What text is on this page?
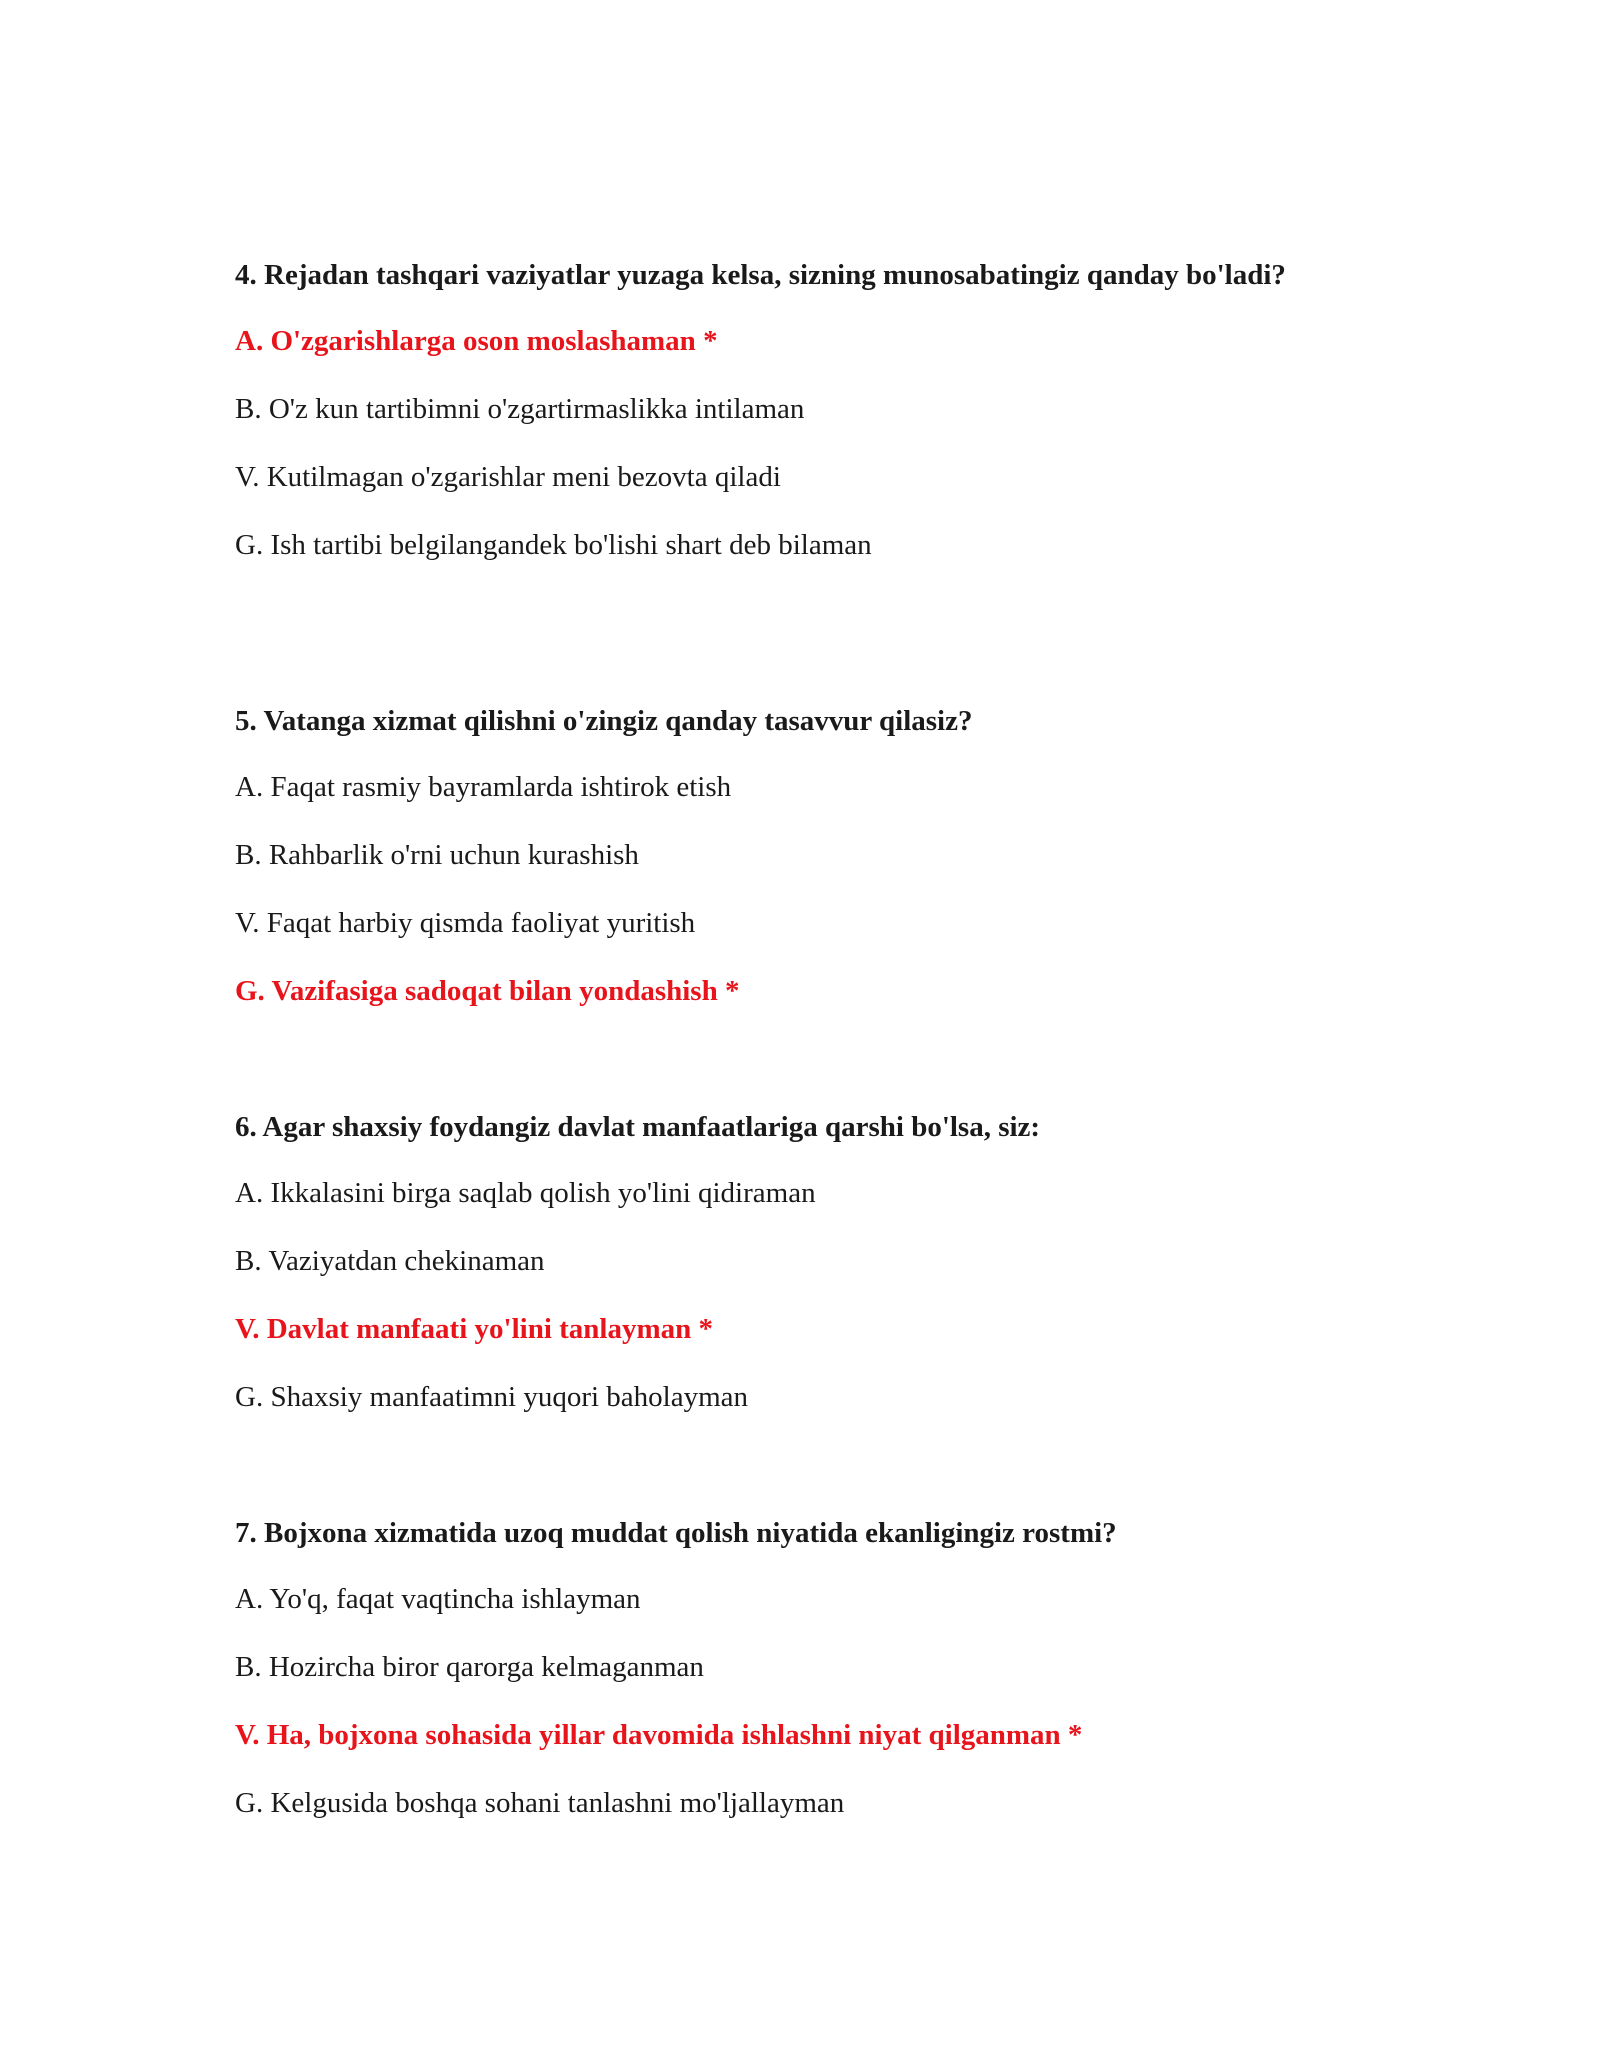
4. Rejadan tashqari vaziyatlar yuzaga kelsa, sizning munosabatingiz qanday bo'ladi?

A. O'zgarishlarga oson moslashaman *
B. O'z kun tartibimni o'zgartirmaslikka intilaman
V. Kutilmagan o'zgarishlar meni bezovta qiladi
G. Ish tartibi belgilangandek bo'lishi shart deb bilaman

5. Vatanga xizmat qilishni o'zingiz qanday tasavvur qilasiz?

A. Faqat rasmiy bayramlarda ishtirok etish
B. Rahbarlik o'rni uchun kurashish
V. Faqat harbiy qismda faoliyat yuritish
G. Vazifasiga sadoqat bilan yondashish *

6. Agar shaxsiy foydangiz davlat manfaatlariga qarshi bo'lsa, siz:

A. Ikkalasini birga saqlab qolish yo'lini qidiraman
B. Vaziyatdan chekinaman
V. Davlat manfaati yo'lini tanlayman *
G. Shaxsiy manfaatimni yuqori baholayman

7. Bojxona xizmatida uzoq muddat qolish niyatida ekanligingiz rostmi?

A. Yo'q, faqat vaqtincha ishlayman
B. Hozircha biror qarorga kelmaganman
V. Ha, bojxona sohasida yillar davomida ishlashni niyat qilganman *
G. Kelgusida boshqa sohani tanlashni mo'ljallayman
